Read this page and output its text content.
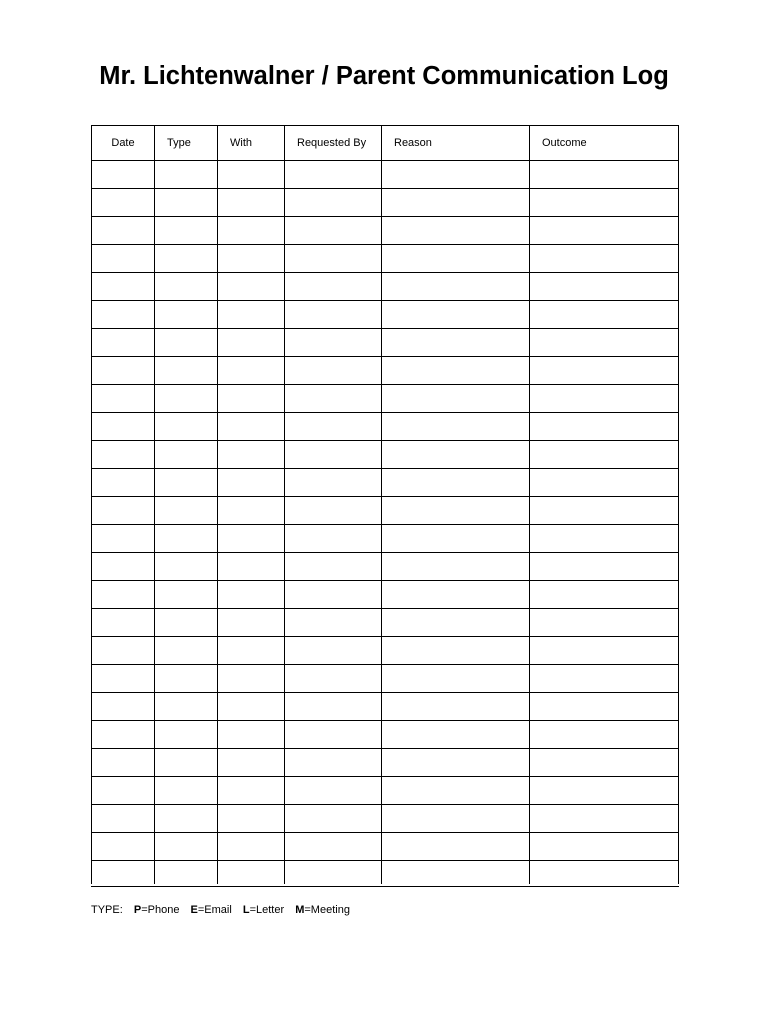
Mr. Lichtenwalner / Parent Communication Log
Date	Type	With	Requested By	Reason	Outcome

TYPE: P=Phone E=Email L=Letter M=Meeting
